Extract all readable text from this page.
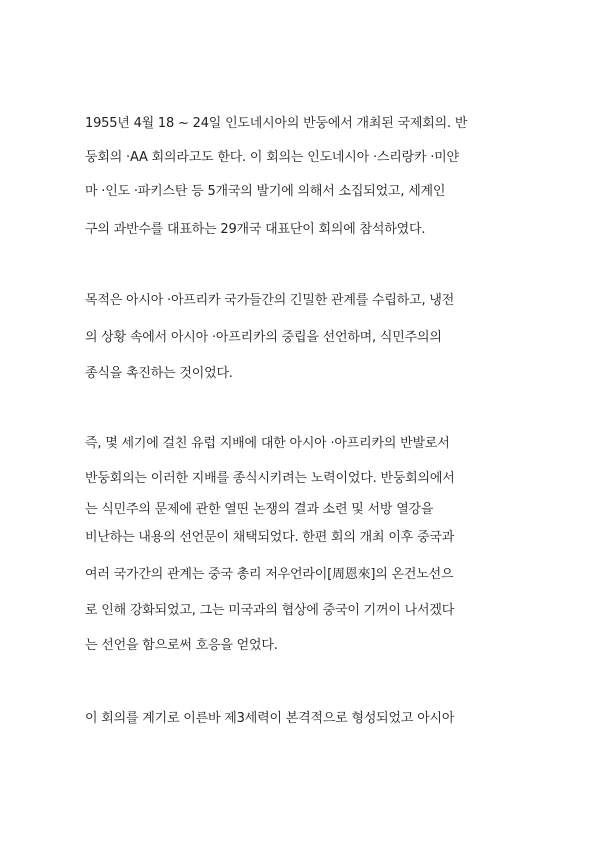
1955년 4월 18 ~ 24일 인도네시아의 반둥에서 개최된 국제회의. 반
둥회의 ·AA 회의라고도 한다. 이 회의는 인도네시아 ·스리랑카 ·미얀
마 ·인도 ·파키스탄 등 5개국의 발기에 의해서 소집되었고, 세계인
구의 과반수를 대표하는 29개국 대표단이 회의에 참석하였다.
목적은 아시아 ·아프리카 국가들간의 긴밀한 관계를 수립하고, 냉전
의 상황 속에서 아시아 ·아프리카의 중립을 선언하며, 식민주의의
종식을 촉진하는 것이었다.
즉, 몇 세기에 걸친 유럽 지배에 대한 아시아 ·아프리카의 반발로서
반둥회의는 이러한 지배를 종식시키려는 노력이었다. 반둥회의에서
는 식민주의 문제에 관한 열띤 논쟁의 결과 소련 및 서방 열강을
비난하는 내용의 선언문이 채택되었다. 한편 회의 개최 이후 중국과
여러 국가간의 관계는 중국 총리 저우언라이[周恩來]의 온건노선으
로 인해 강화되었고, 그는 미국과의 협상에 중국이 기꺼이 나서겠다
는 선언을 함으로써 호응을 얻었다.
이 회의를 계기로 이른바 제3세력이 본격적으로 형성되었고 아시아
